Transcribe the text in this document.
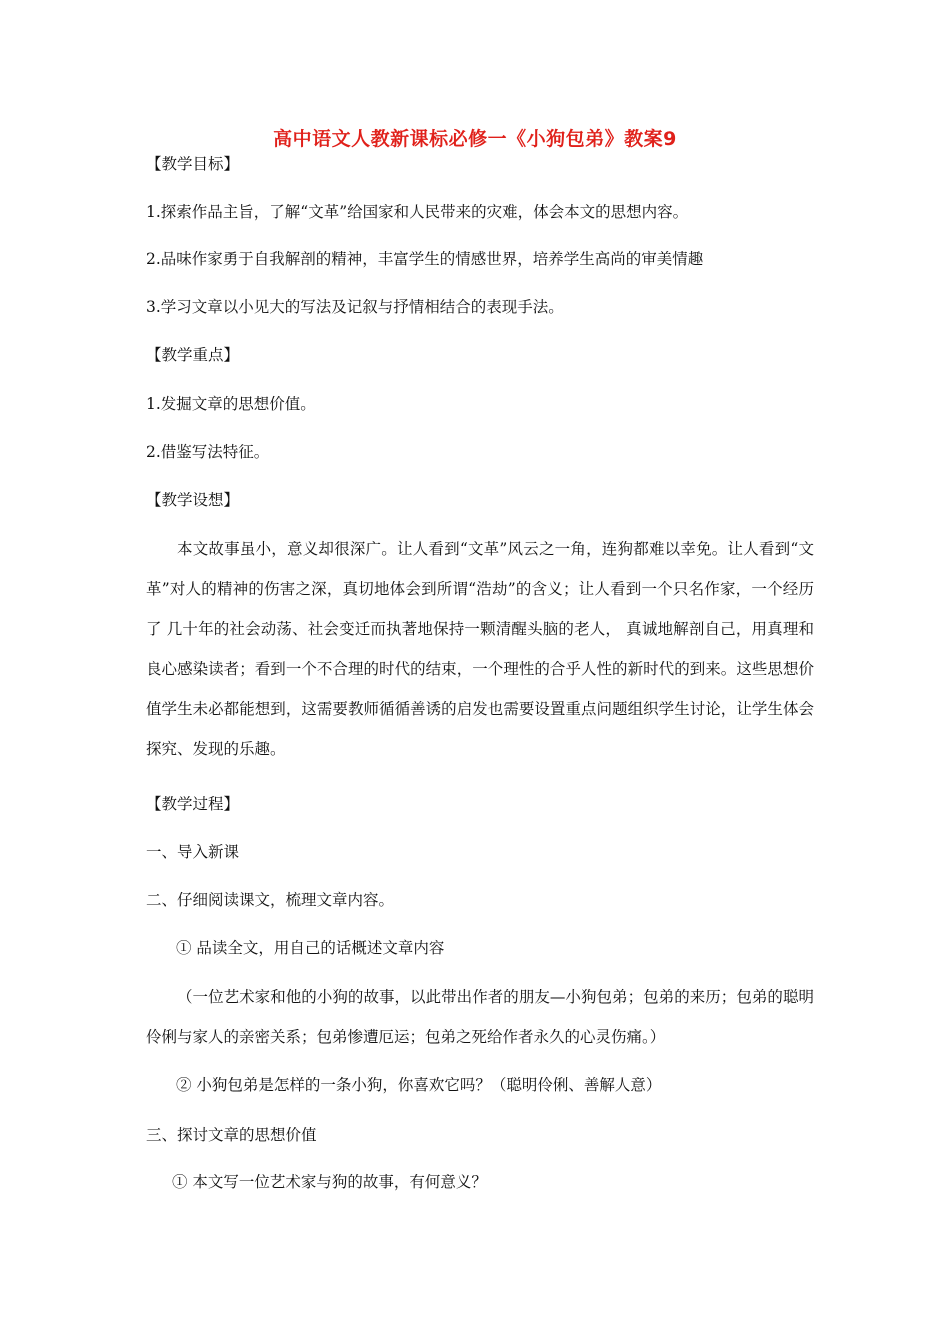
高中语文人教新课标必修一《小狗包弟》教案9
【教学目标】
1.探索作品主旨，了解“文革”给国家和人民带来的灾难，体会本文的思想内容。
2.品味作家勇于自我解剖的精神，丰富学生的情感世界，培养学生高尚的审美情趣
3.学习文章以小见大的写法及记叙与抒情相结合的表现手法。
【教学重点】
1.发掘文章的思想价值。
2.借鉴写法特征。
【教学设想】
本文故事虽小，意义却很深广。让人看到“文革”风云之一角，连狗都难以幸免。让人看到“文革”对人的精神的伤害之深，真切地体会到所谓“浩劫”的含义；让人看到一个只名作家，一个经历了 几十年的社会动荡、社会变迁而执著地保持一颗清醒头脑的老人， 真诚地解剖自己，用真理和良心感染读者；看到一个不合理的时代的结束，一个理性的合乎人性的新时代的到来。这些思想价值学生未必都能想到，这需要教师循循善诱的启发也需要设置重点问题组织学生讨论，让学生体会探究、发现的乐趣。
【教学过程】
一、导入新课
二、仔细阅读课文，梳理文章内容。
① 品读全文，用自己的话概述文章内容
（一位艺术家和他的小狗的故事，以此带出作者的朋友—小狗包弟；包弟的来历；包弟的聪明伶俐与家人的亲密关系；包弟惨遭厄运；包弟之死给作者永久的心灵伤痛。）
② 小狗包弟是怎样的一条小狗，你喜欢它吗？（聪明伶俐、善解人意）
三、探讨文章的思想价值
① 本文写一位艺术家与狗的故事，有何意义？
